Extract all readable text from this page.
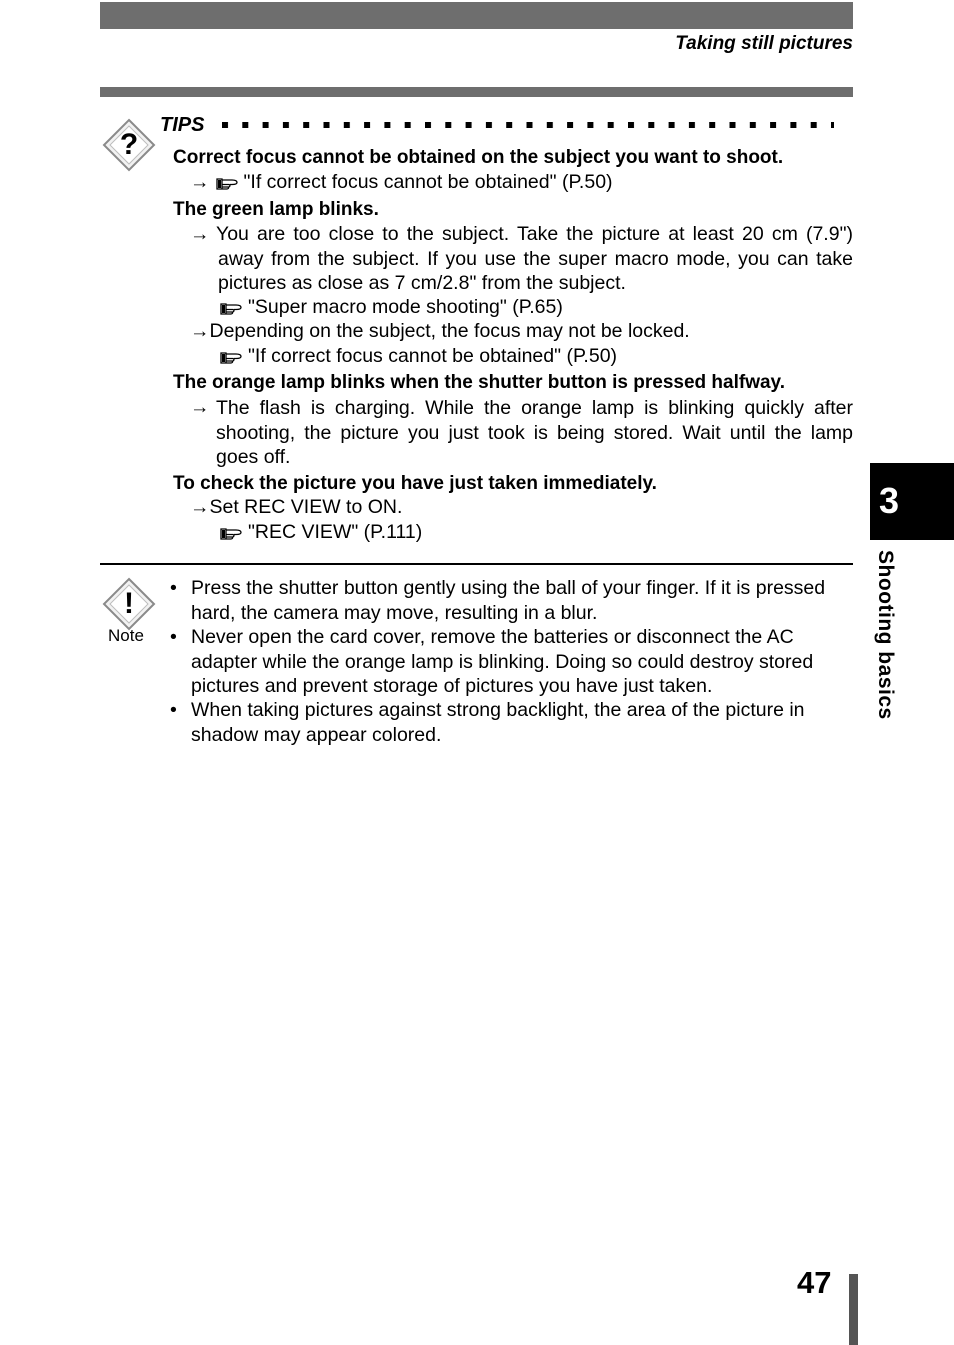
Taking still pictures
?
TIPS
Correct focus cannot be obtained on the subject you want to shoot.
→ "If correct focus cannot be obtained" (P.50)
The green lamp blinks.
→ You are too close to the subject. Take the picture at least 20 cm (7.9") away from the subject. If you use the super macro mode, you can take pictures as close as 7 cm/2.8" from the subject.
"Super macro mode shooting" (P.65)
→Depending on the subject, the focus may not be locked.
"If correct focus cannot be obtained" (P.50)
The orange lamp blinks when the shutter button is pressed halfway.
→ The flash is charging. While the orange lamp is blinking quickly after shooting, the picture you just took is being stored. Wait until the lamp goes off.
To check the picture you have just taken immediately.
→Set REC VIEW to ON.
"REC VIEW" (P.111)
!
Note
• Press the shutter button gently using the ball of your finger. If it is pressed hard, the camera may move, resulting in a blur.
• Never open the card cover, remove the batteries or disconnect the AC adapter while the orange lamp is blinking. Doing so could destroy stored pictures and prevent storage of pictures you have just taken.
• When taking pictures against strong backlight, the area of the picture in shadow may appear colored.
3
Shooting basics
47
